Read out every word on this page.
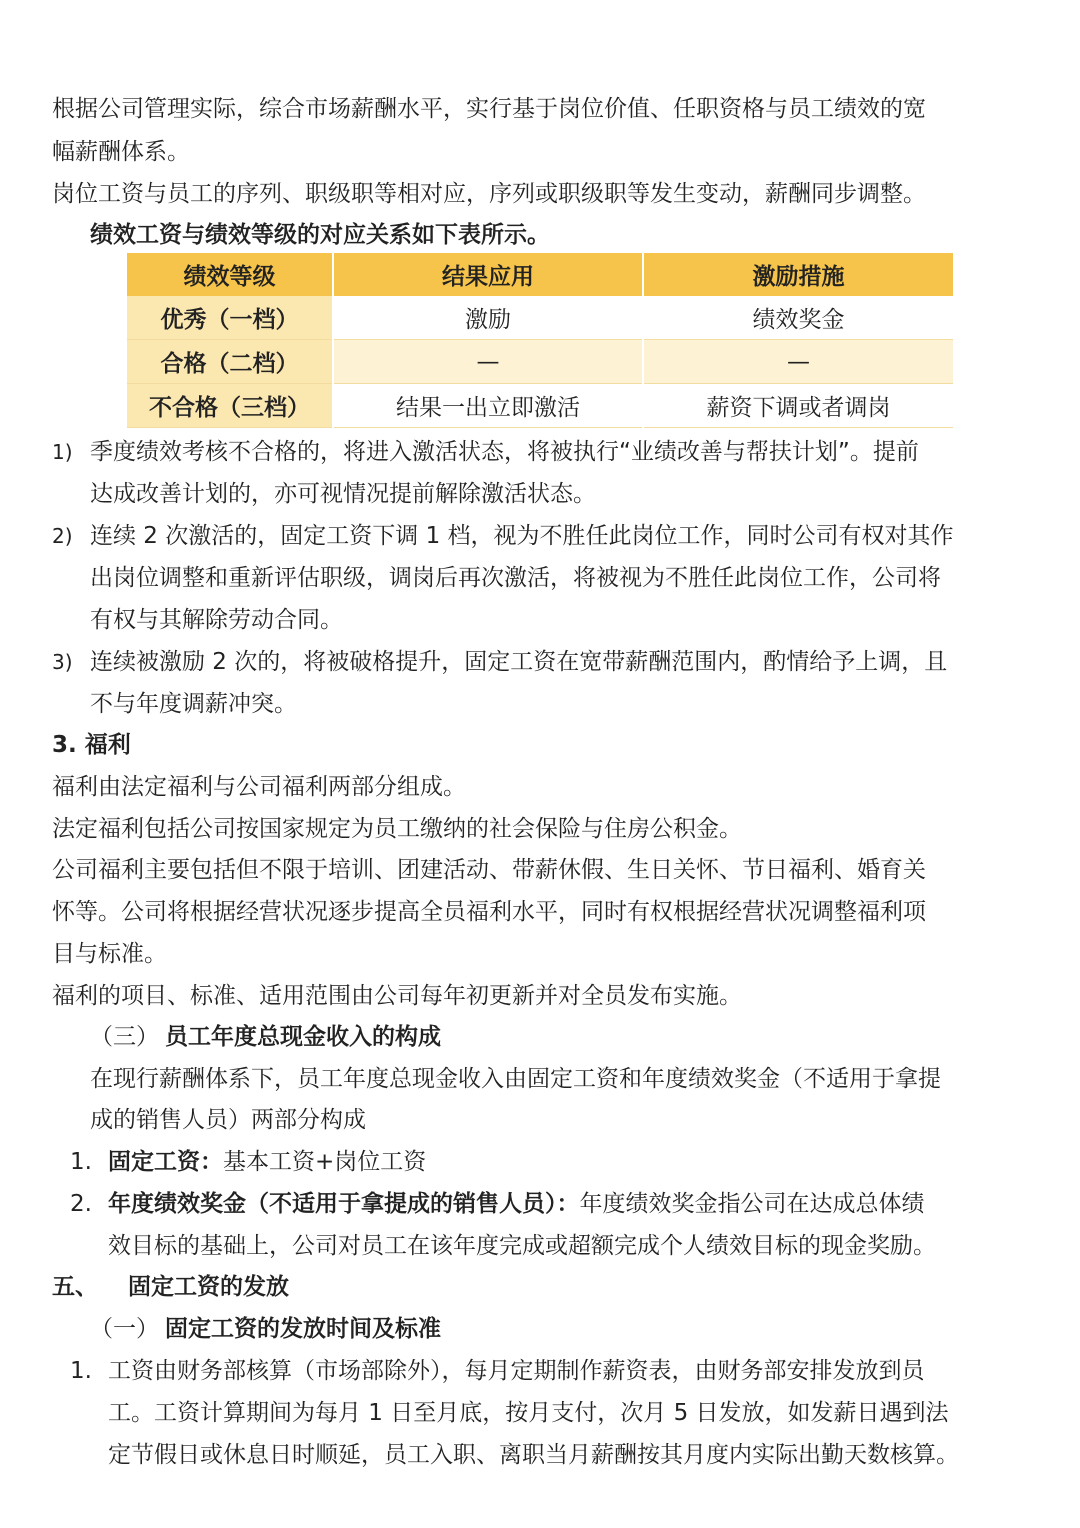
根据公司管理实际，综合市场薪酬水平，实行基于岗位价值、任职资格与员工绩效的宽
幅薪酬体系。
岗位工资与员工的序列、职级职等相对应，序列或职级职等发生变动，薪酬同步调整。
绩效工资与绩效等级的对应关系如下表所示。
绩效等级	结果应用	激励措施
优秀（一档）	激励	绩效奖金
合格（二档）	—	—
不合格（三档）	结果一出立即激活	薪资下调或者调岗
1) 季度绩效考核不合格的，将进入激活状态，将被执行“业绩改善与帮扶计划”。提前
达成改善计划的，亦可视情况提前解除激活状态。
2) 连续 2 次激活的，固定工资下调 1 档，视为不胜任此岗位工作，同时公司有权对其作
出岗位调整和重新评估职级，调岗后再次激活，将被视为不胜任此岗位工作，公司将
有权与其解除劳动合同。
3) 连续被激励 2 次的，将被破格提升，固定工资在宽带薪酬范围内，酌情给予上调，且
不与年度调薪冲突。
3. 福利
福利由法定福利与公司福利两部分组成。
法定福利包括公司按国家规定为员工缴纳的社会保险与住房公积金。
公司福利主要包括但不限于培训、团建活动、带薪休假、生日关怀、节日福利、婚育关
怀等。公司将根据经营状况逐步提高全员福利水平，同时有权根据经营状况调整福利项
目与标准。
福利的项目、标准、适用范围由公司每年初更新并对全员发布实施。
（三） 员工年度总现金收入的构成
在现行薪酬体系下，员工年度总现金收入由固定工资和年度绩效奖金（不适用于拿提
成的销售人员）两部分构成
1. 固定工资：基本工资+岗位工资
2. 年度绩效奖金（不适用于拿提成的销售人员）：年度绩效奖金指公司在达成总体绩
效目标的基础上，公司对员工在该年度完成或超额完成个人绩效目标的现金奖励。
五、 固定工资的发放
（一） 固定工资的发放时间及标准
1. 工资由财务部核算（市场部除外），每月定期制作薪资表，由财务部安排发放到员
工。工资计算期间为每月 1 日至月底，按月支付，次月 5 日发放，如发薪日遇到法
定节假日或休息日时顺延，员工入职、离职当月薪酬按其月度内实际出勤天数核算。
